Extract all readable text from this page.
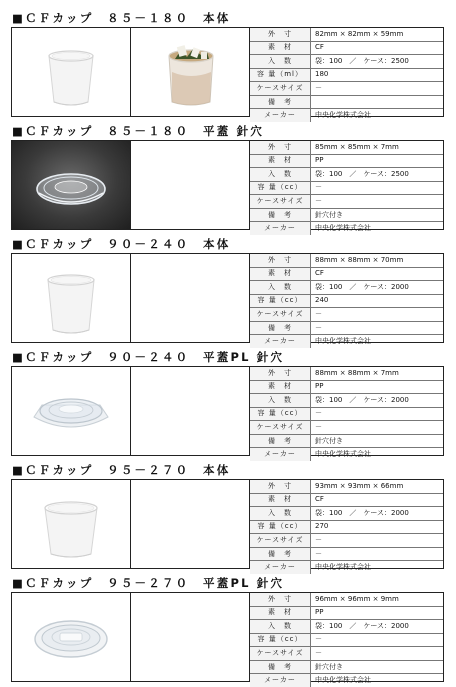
■ＣＦカップ　８５－１８０　本体
外　寸	82mm × 82mm × 59mm
素　材	CF
入　数	袋：100　／　ケース：2500
容 量（ml）	180
ケースサイズ	－
備　考	
メーカー	中央化学株式会社
■ＣＦカップ　８５－１８０　平蓋 針穴
外　寸	85mm × 85mm × 7mm
素　材	PP
入　数	袋：100　／　ケース：2500
容 量（cc）	－
ケースサイズ	－
備　考	針穴付き
メーカー	中央化学株式会社
■ＣＦカップ　９０－２４０　本体
外　寸	88mm × 88mm × 70mm
素　材	CF
入　数	袋：100　／　ケース：2000
容 量（cc）	240
ケースサイズ	－
備　考	－
メーカー	中央化学株式会社
■ＣＦカップ　９０－２４０　平蓋PL 針穴
外　寸	88mm × 88mm × 7mm
素　材	PP
入　数	袋：100　／　ケース：2000
容 量（cc）	－
ケースサイズ	－
備　考	針穴付き
メーカー	中央化学株式会社
■ＣＦカップ　９５－２７０　本体
外　寸	93mm × 93mm × 66mm
素　材	CF
入　数	袋：100　／　ケース：2000
容 量（cc）	270
ケースサイズ	－
備　考	－
メーカー	中央化学株式会社
■ＣＦカップ　９５－２７０　平蓋PL 針穴
外　寸	96mm × 96mm × 9mm
素　材	PP
入　数	袋：100　／　ケース：2000
容 量（cc）	－
ケースサイズ	－
備　考	針穴付き
メーカー	中央化学株式会社
